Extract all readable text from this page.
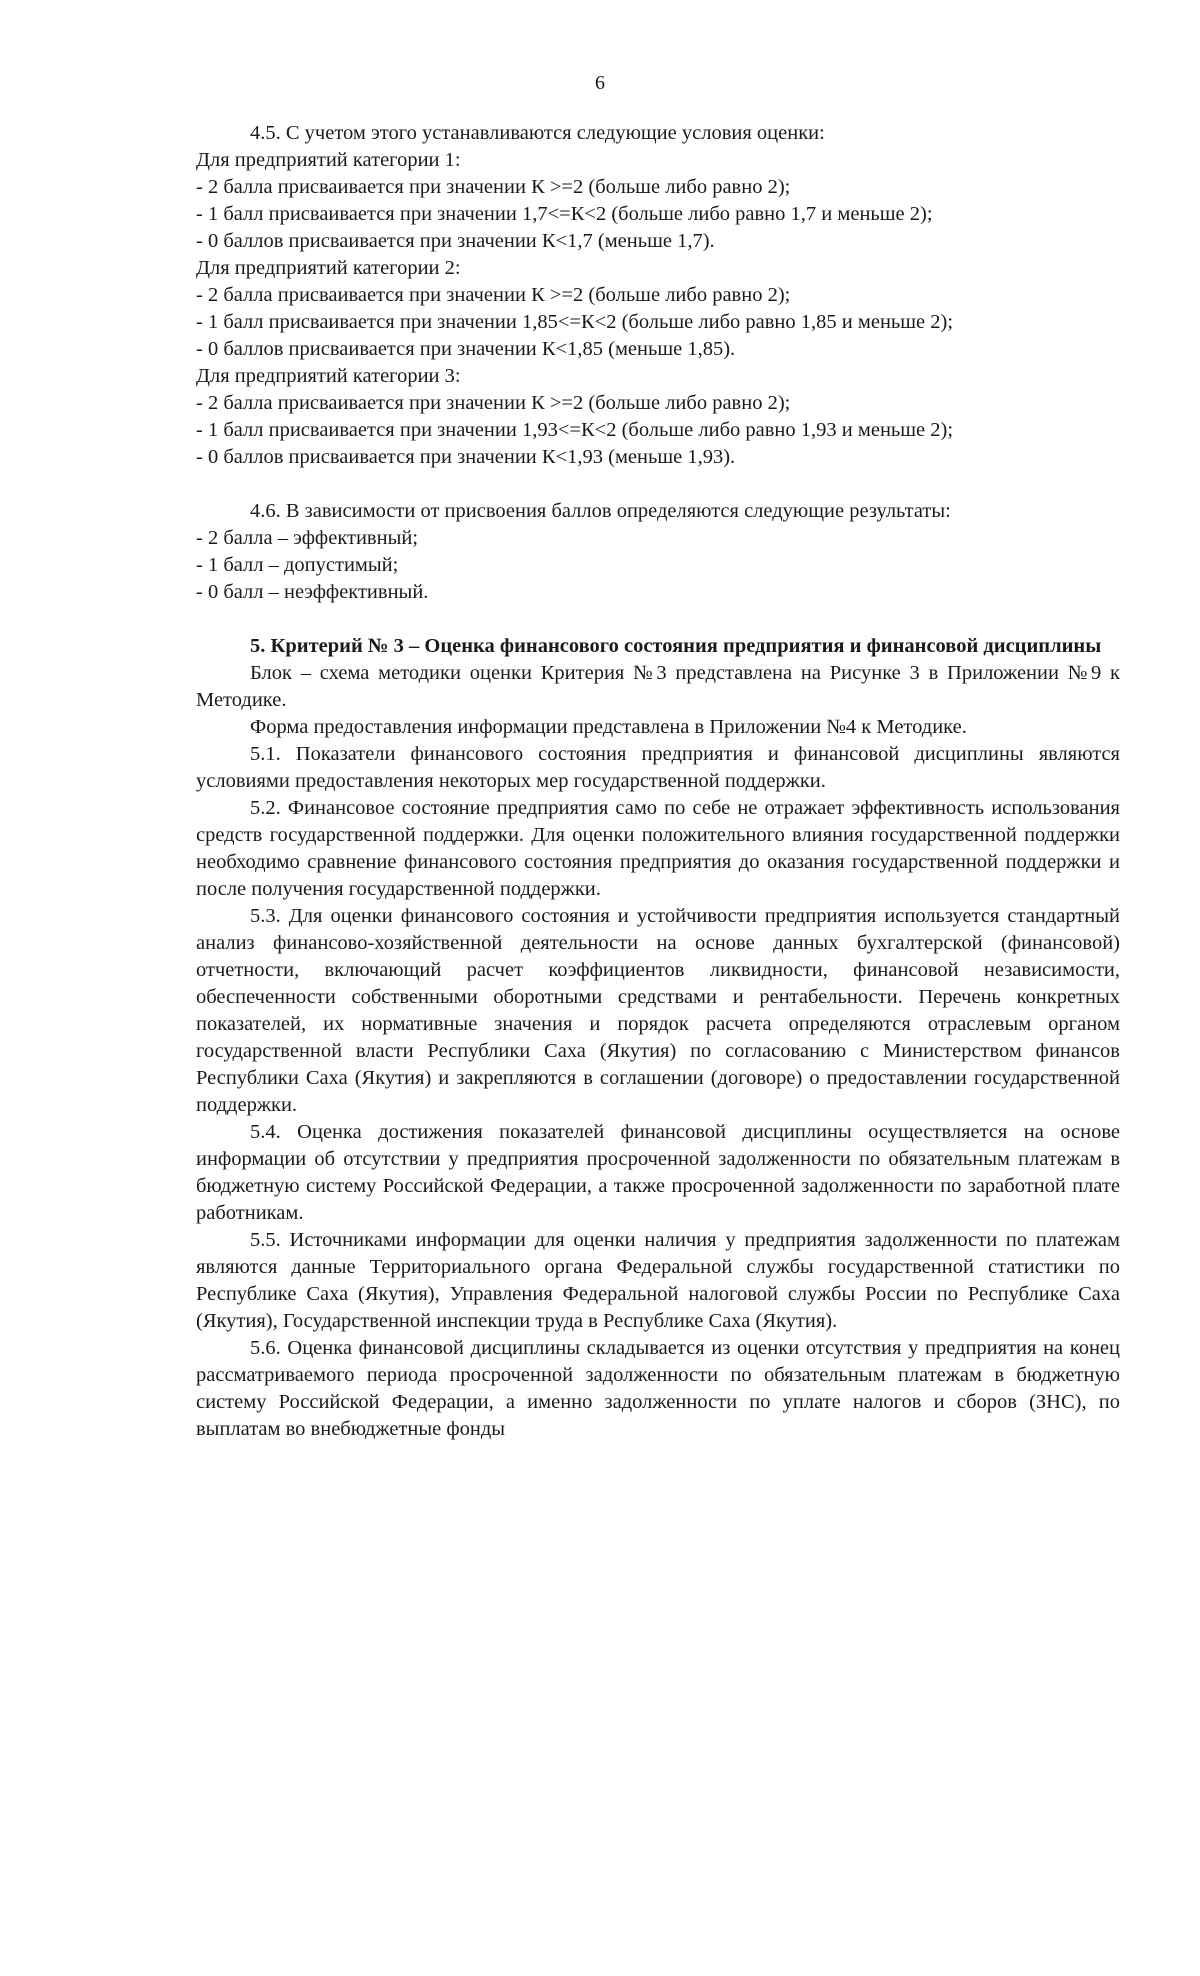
6

4.5. С учетом этого устанавливаются следующие условия оценки:

Для предприятий категории 1:

- 2 балла присваивается при значении К >=2 (больше либо равно 2);

- 1 балл присваивается при значении 1,7<=К<2 (больше либо равно 1,7 и меньше 2);

- 0 баллов присваивается при значении К<1,7 (меньше 1,7).

Для предприятий категории 2:

- 2 балла присваивается при значении К >=2 (больше либо равно 2);

- 1 балл присваивается при значении 1,85<=К<2 (больше либо равно 1,85 и меньше 2);

- 0 баллов присваивается при значении К<1,85 (меньше 1,85).

Для предприятий категории 3:

- 2 балла присваивается при значении К >=2 (больше либо равно 2);

- 1 балл присваивается при значении 1,93<=К<2 (больше либо равно 1,93 и меньше 2);

- 0 баллов присваивается при значении К<1,93 (меньше 1,93).

4.6. В зависимости от присвоения баллов определяются следующие результаты:

- 2 балла – эффективный;

- 1 балл – допустимый;

- 0 балл – неэффективный.

5. Критерий № 3 – Оценка финансового состояния предприятия и финансовой дисциплины

Блок – схема методики оценки Критерия №3 представлена на Рисунке 3 в Приложении №9 к Методике.

Форма предоставления информации представлена в Приложении №4 к Методике.

5.1. Показатели финансового состояния предприятия и финансовой дисциплины являются условиями предоставления некоторых мер государственной поддержки.

5.2. Финансовое состояние предприятия само по себе не отражает эффективность использования средств государственной поддержки. Для оценки положительного влияния государственной поддержки необходимо сравнение финансового состояния предприятия до оказания государственной поддержки и после получения государственной поддержки.

5.3. Для оценки финансового состояния и устойчивости предприятия используется стандартный анализ финансово-хозяйственной деятельности на основе данных бухгалтерской (финансовой) отчетности, включающий расчет коэффициентов ликвидности, финансовой независимости, обеспеченности собственными оборотными средствами и рентабельности. Перечень конкретных показателей, их нормативные значения и порядок расчета определяются отраслевым органом государственной власти Республики Саха (Якутия) по согласованию с Министерством финансов Республики Саха (Якутия) и закрепляются в соглашении (договоре) о предоставлении государственной поддержки.

5.4. Оценка достижения показателей финансовой дисциплины осуществляется на основе информации об отсутствии у предприятия просроченной задолженности по обязательным платежам в бюджетную систему Российской Федерации, а также просроченной задолженности по заработной плате работникам.

5.5. Источниками информации для оценки наличия у предприятия задолженности по платежам являются данные Территориального органа Федеральной службы государственной статистики по Республике Саха (Якутия), Управления Федеральной налоговой службы России по Республике Саха (Якутия), Государственной инспекции труда в Республике Саха (Якутия).

5.6. Оценка финансовой дисциплины складывается из оценки отсутствия у предприятия на конец рассматриваемого периода просроченной задолженности по обязательным платежам в бюджетную систему Российской Федерации, а именно задолженности по уплате налогов и сборов (ЗНС), по выплатам во внебюджетные фонды
